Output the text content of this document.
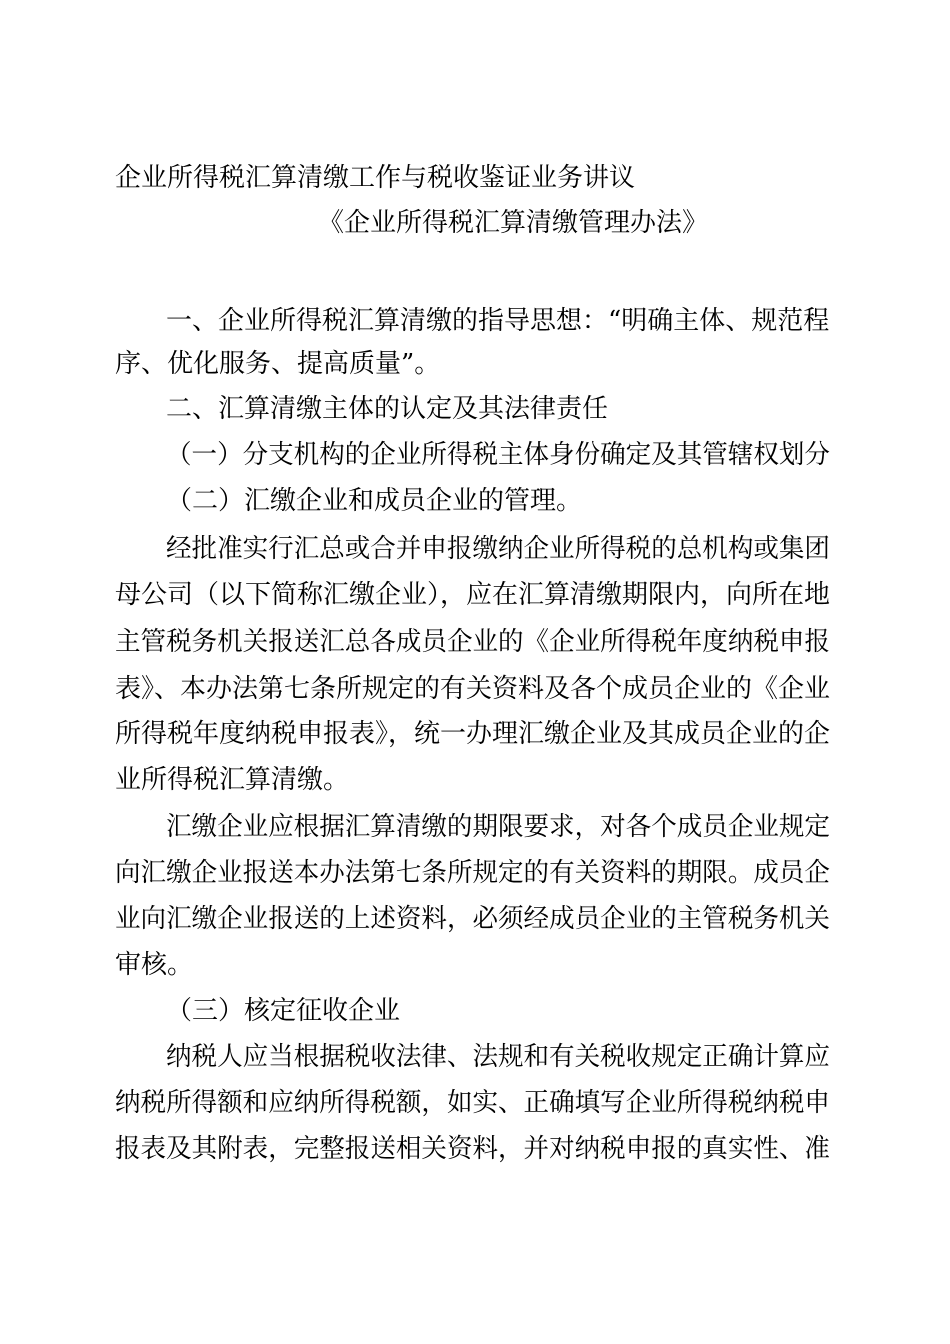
企业所得税汇算清缴工作与税收鉴证业务讲议
《企业所得税汇算清缴管理办法》
一、企业所得税汇算清缴的指导思想：“明确主体、规范程
序、优化服务、提高质量”。
二、汇算清缴主体的认定及其法律责任
（一）分支机构的企业所得税主体身份确定及其管辖权划分
（二）汇缴企业和成员企业的管理。
经批准实行汇总或合并申报缴纳企业所得税的总机构或集团
母公司（以下简称汇缴企业），应在汇算清缴期限内，向所在地
主管税务机关报送汇总各成员企业的《企业所得税年度纳税申报
表》、本办法第七条所规定的有关资料及各个成员企业的《企业
所得税年度纳税申报表》，统一办理汇缴企业及其成员企业的企
业所得税汇算清缴。
汇缴企业应根据汇算清缴的期限要求，对各个成员企业规定
向汇缴企业报送本办法第七条所规定的有关资料的期限。成员企
业向汇缴企业报送的上述资料，必须经成员企业的主管税务机关
审核。
（三）核定征收企业
纳税人应当根据税收法律、法规和有关税收规定正确计算应
纳税所得额和应纳所得税额，如实、正确填写企业所得税纳税申
报表及其附表，完整报送相关资料，并对纳税申报的真实性、准
